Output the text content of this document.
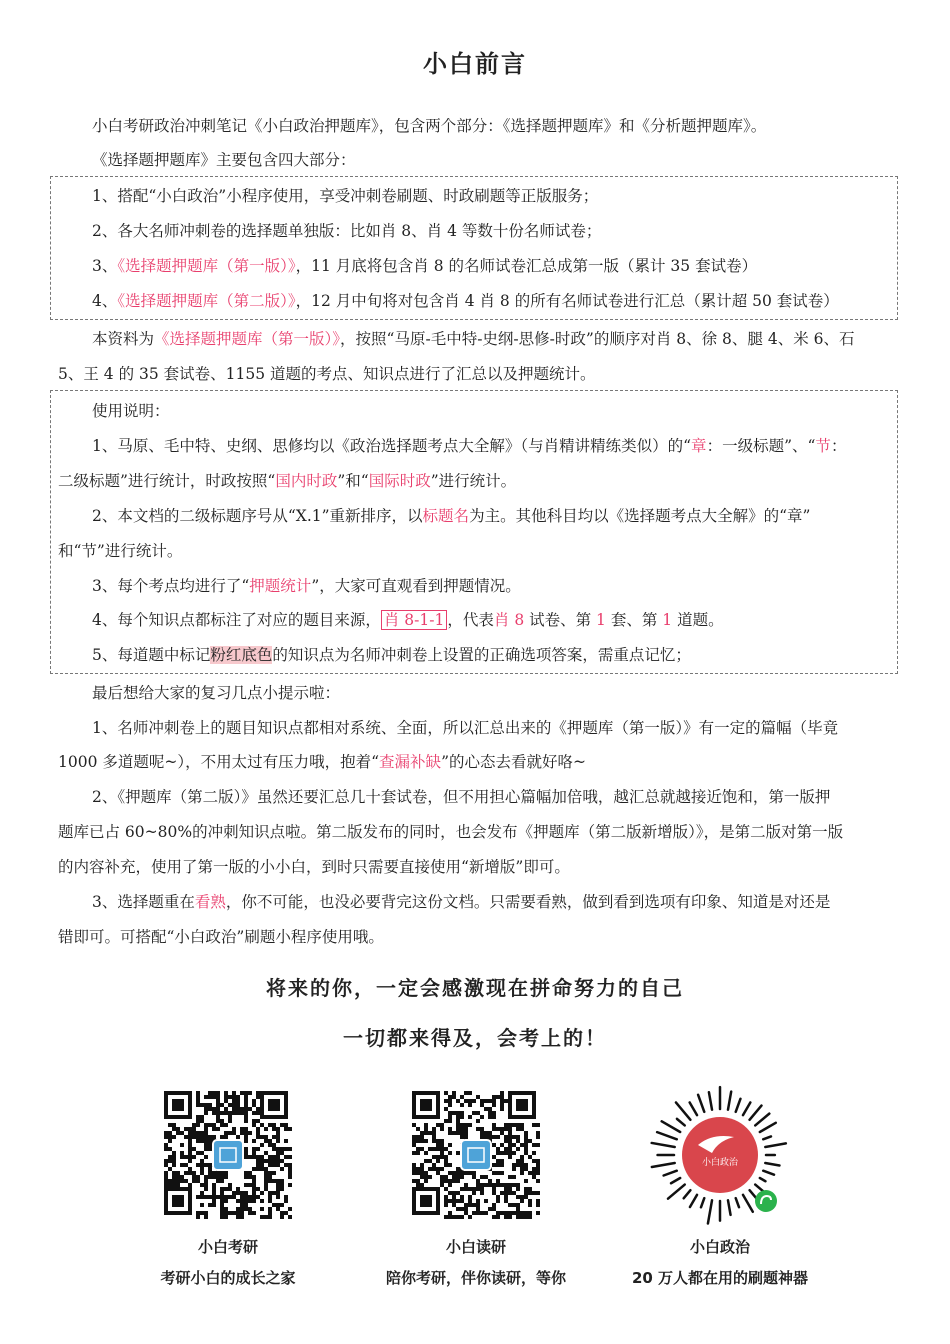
小白前言
小白考研政治冲刺笔记《小白政治押题库》，包含两个部分：《选择题押题库》和《分析题押题库》。
《选择题押题库》主要包含四大部分：
1、搭配“小白政治”小程序使用，享受冲刺卷刷题、时政刷题等正版服务；
2、各大名师冲刺卷的选择题单独版：比如肖 8、肖 4 等数十份名师试卷；
3、《选择题押题库（第一版）》，11 月底将包含肖 8 的名师试卷汇总成第一版（累计 35 套试卷）
4、《选择题押题库（第二版）》，12 月中旬将对包含肖 4 肖 8 的所有名师试卷进行汇总（累计超 50 套试卷）
本资料为《选择题押题库（第一版）》，按照“马原-毛中特-史纲-思修-时政”的顺序对肖 8、徐 8、腿 4、米 6、石
5、王 4 的 35 套试卷、1155 道题的考点、知识点进行了汇总以及押题统计。
使用说明：
1、马原、毛中特、史纲、思修均以《政治选择题考点大全解》（与肖精讲精练类似）的“章：一级标题”、“节：
二级标题”进行统计，时政按照“国内时政”和“国际时政”进行统计。
2、本文档的二级标题序号从“X.1”重新排序，以标题名为主。其他科目均以《选择题考点大全解》的“章”
和“节”进行统计。
3、每个考点均进行了“押题统计”，大家可直观看到押题情况。
4、每个知识点都标注了对应的题目来源， 肖 8-1-1 ，代表肖 8 试卷、第 1 套、第 1 道题。
5、每道题中标记粉红底色的知识点为名师冲刺卷上设置的正确选项答案，需重点记忆；
最后想给大家的复习几点小提示啦：
1、名师冲刺卷上的题目知识点都相对系统、全面，所以汇总出来的《押题库（第一版）》有一定的篇幅（毕竟
1000 多道题呢~），不用太过有压力哦，抱着“查漏补缺”的心态去看就好咯~
2、《押题库（第二版）》虽然还要汇总几十套试卷，但不用担心篇幅加倍哦，越汇总就越接近饱和，第一版押
题库已占 60~80%的冲刺知识点啦。第二版发布的同时，也会发布《押题库（第二版新增版）》，是第二版对第一版
的内容补充，使用了第一版的小小白，到时只需要直接使用“新增版”即可。
3、选择题重在看熟，你不可能，也没必要背完这份文档。只需要看熟，做到看到选项有印象、知道是对还是
错即可。可搭配“小白政治”刷题小程序使用哦。
将来的你，一定会感激现在拼命努力的自己
一切都来得及，会考上的！
小白政治
小白考研
考研小白的成长之家
小白读研
陪你考研，伴你读研，等你
小白政治
20 万人都在用的刷题神器
